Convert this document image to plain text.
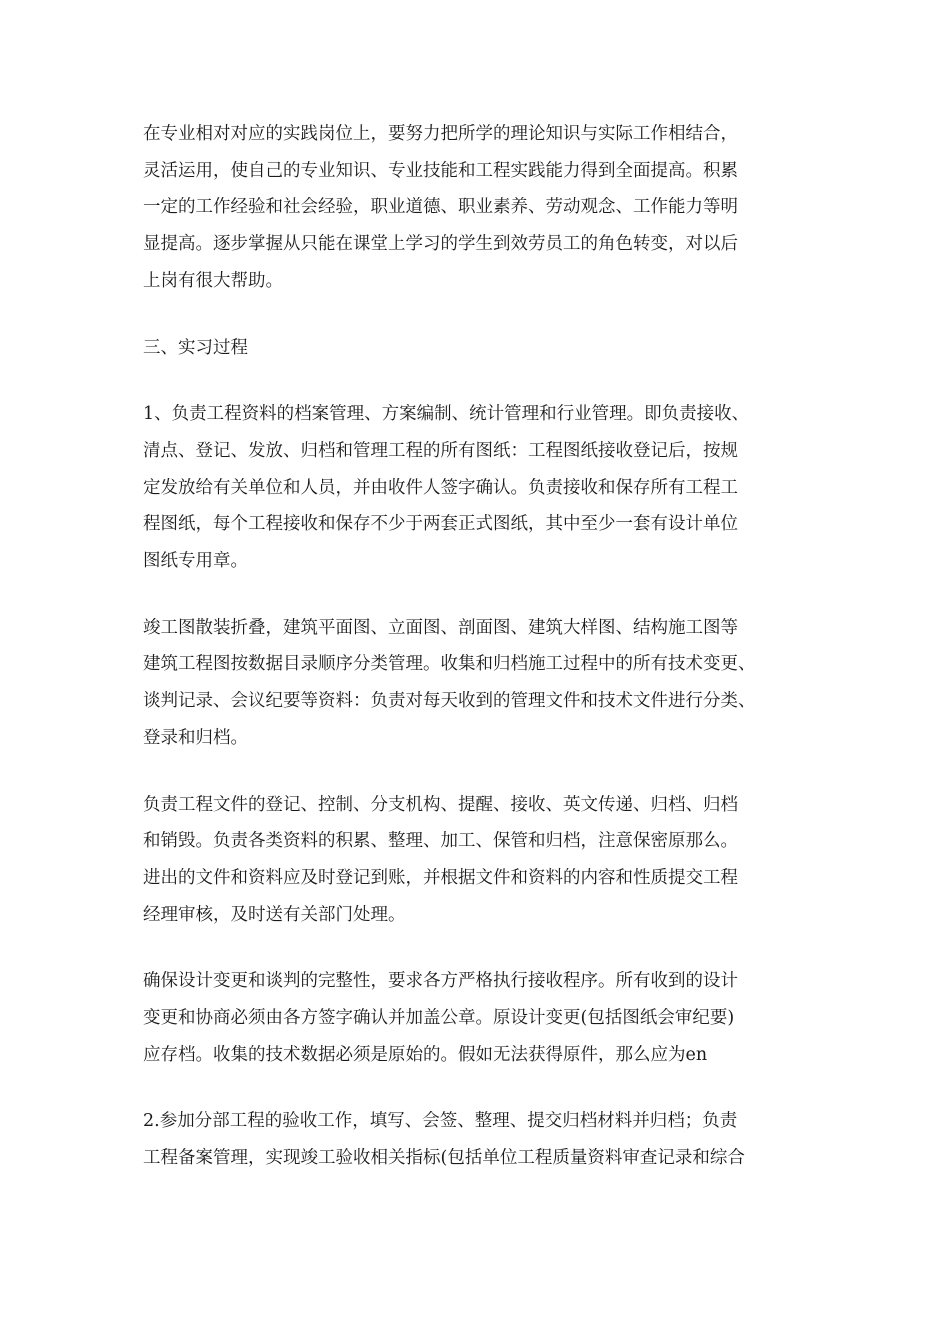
在专业相对对应的实践岗位上，要努力把所学的理论知识与实际工作相结合，
灵活运用，使自己的专业知识、专业技能和工程实践能力得到全面提高。积累
一定的工作经验和社会经验，职业道德、职业素养、劳动观念、工作能力等明
显提高。逐步掌握从只能在课堂上学习的学生到效劳员工的角色转变，对以后
上岗有很大帮助。

三、实习过程

1、负责工程资料的档案管理、方案编制、统计管理和行业管理。即负责接收、
清点、登记、发放、归档和管理工程的所有图纸：工程图纸接收登记后，按规
定发放给有关单位和人员，并由收件人签字确认。负责接收和保存所有工程工
程图纸，每个工程接收和保存不少于两套正式图纸，其中至少一套有设计单位
图纸专用章。

竣工图散装折叠，建筑平面图、立面图、剖面图、建筑大样图、结构施工图等
建筑工程图按数据目录顺序分类管理。收集和归档施工过程中的所有技术变更、
谈判记录、会议纪要等资料：负责对每天收到的管理文件和技术文件进行分类、
登录和归档。

负责工程文件的登记、控制、分支机构、提醒、接收、英文传递、归档、归档
和销毁。负责各类资料的积累、整理、加工、保管和归档，注意保密原那么。
进出的文件和资料应及时登记到账，并根据文件和资料的内容和性质提交工程
经理审核，及时送有关部门处理。

确保设计变更和谈判的完整性，要求各方严格执行接收程序。所有收到的设计
变更和协商必须由各方签字确认并加盖公章。原设计变更(包括图纸会审纪要)
应存档。收集的技术数据必须是原始的。假如无法获得原件，那么应为en

2.参加分部工程的验收工作，填写、会签、整理、提交归档材料并归档；负责
工程备案管理，实现竣工验收相关指标(包括单位工程质量资料审查记录和综合
